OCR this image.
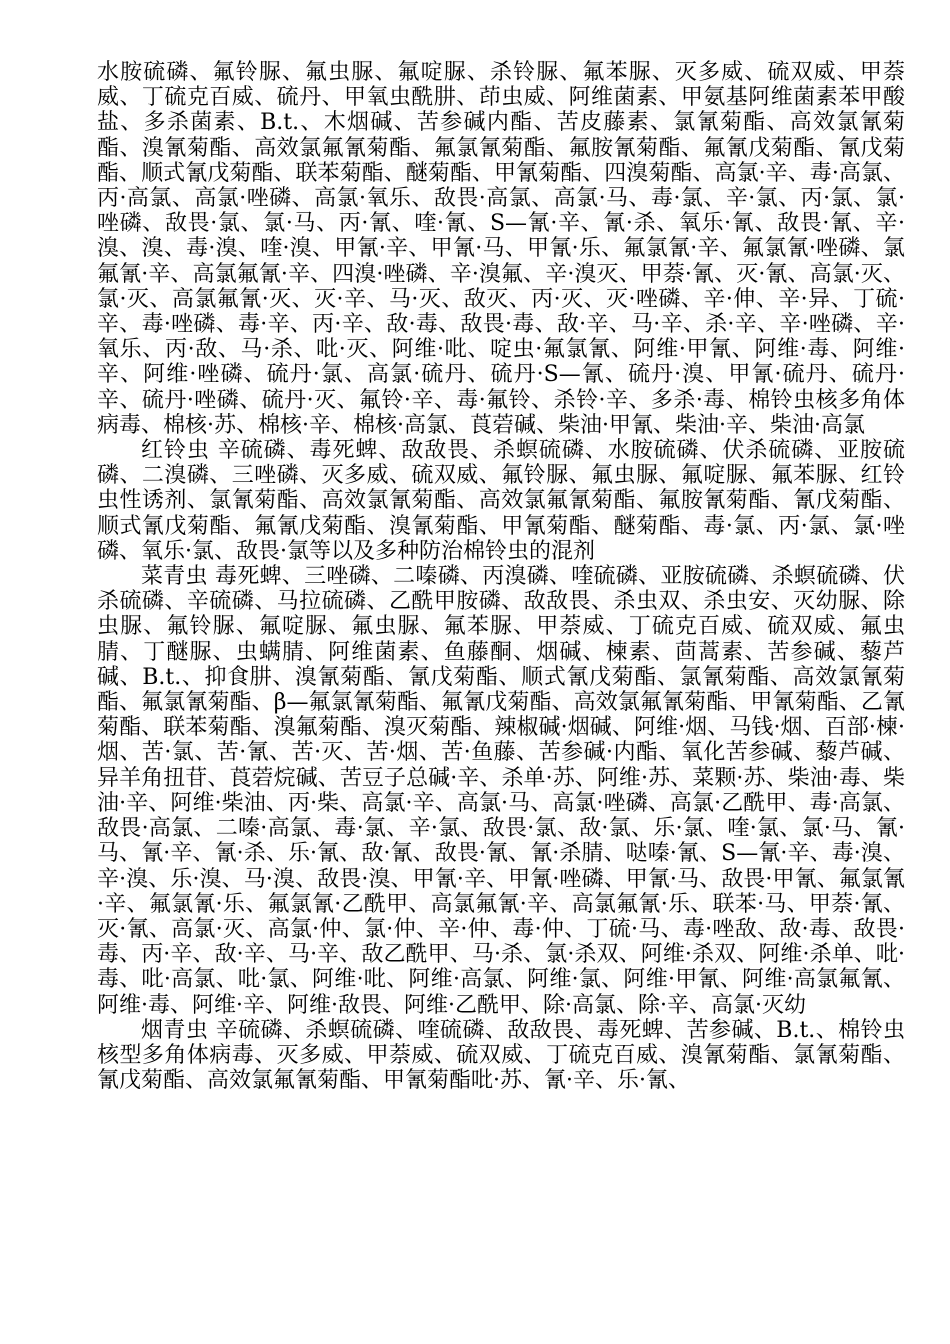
水胺硫磷、氟铃脲、氟虫脲、氟啶脲、杀铃脲、氟苯脲、灭多威、硫双威、甲萘威、丁硫克百威、硫丹、甲氧虫酰肼、茚虫威、阿维菌素、甲氨基阿维菌素苯甲酸盐、多杀菌素、B.t.、木烟碱、苦参碱内酯、苦皮藤素、氯氰菊酯、高效氯氰菊酯、溴氰菊酯、高效氯氟氰菊酯、氟氯氰菊酯、氟胺氰菊酯、氟氰戊菊酯、氰戊菊酯、顺式氰戊菊酯、联苯菊酯、醚菊酯、甲氰菊酯、四溴菊酯、高氯·辛、毒·高氯、丙·高氯、高氯·唑磷、高氯·氧乐、敌畏·高氯、高氯·马、毒·氯、辛·氯、丙·氯、氯·唑磷、敌畏·氯、氯·马、丙·氰、喹·氰、S—氰·辛、氰·杀、氧乐·氰、敌畏·氰、辛·溴、溴、毒·溴、喹·溴、甲氰·辛、甲氰·马、甲氰·乐、氟氯氰·辛、氟氯氰·唑磷、氯氟氰·辛、高氯氟氰·辛、四溴·唑磷、辛·溴氟、辛·溴灭、甲萘·氰、灭·氰、高氯·灭、氯·灭、高氯氟氰·灭、灭·辛、马·灭、敌灭、丙·灭、灭·唑磷、辛·伸、辛·异、丁硫·辛、毒·唑磷、毒·辛、丙·辛、敌·毒、敌畏·毒、敌·辛、马·辛、杀·辛、辛·唑磷、辛·氧乐、丙·敌、马·杀、吡·灭、阿维·吡、啶虫·氟氯氰、阿维·甲氰、阿维·毒、阿维·辛、阿维·唑磷、硫丹·氯、高氯·硫丹、硫丹·S—氰、硫丹·溴、甲氰·硫丹、硫丹·辛、硫丹·唑磷、硫丹·灭、氟铃·辛、毒·氟铃、杀铃·辛、多杀·毒、棉铃虫核多角体病毒、棉核·苏、棉核·辛、棉核·高氯、莨菪碱、柴油·甲氰、柴油·辛、柴油·高氯

红铃虫 辛硫磷、毒死蜱、敌敌畏、杀螟硫磷、水胺硫磷、伏杀硫磷、亚胺硫磷、二溴磷、三唑磷、灭多威、硫双威、氟铃脲、氟虫脲、氟啶脲、氟苯脲、红铃虫性诱剂、氯氰菊酯、高效氯氰菊酯、高效氯氟氰菊酯、氟胺氰菊酯、氰戊菊酯、顺式氰戊菊酯、氟氰戊菊酯、溴氰菊酯、甲氰菊酯、醚菊酯、毒·氯、丙·氯、氯·唑磷、氧乐·氯、敌畏·氯等以及多种防治棉铃虫的混剂

菜青虫 毒死蜱、三唑磷、二嗪磷、丙溴磷、喹硫磷、亚胺硫磷、杀螟硫磷、伏杀硫磷、辛硫磷、马拉硫磷、乙酰甲胺磷、敌敌畏、杀虫双、杀虫安、灭幼脲、除虫脲、氟铃脲、氟啶脲、氟虫脲、氟苯脲、甲萘威、丁硫克百威、硫双威、氟虫腈、丁醚脲、虫螨腈、阿维菌素、鱼藤酮、烟碱、楝素、茴蒿素、苦参碱、藜芦碱、B.t.、抑食肼、溴氰菊酯、氰戊菊酯、顺式氰戊菊酯、氯氰菊酯、高效氯氰菊酯、氟氯氰菊酯、β—氟氯氰菊酯、氟氰戊菊酯、高效氯氟氰菊酯、甲氰菊酯、乙氰菊酯、联苯菊酯、溴氟菊酯、溴灭菊酯、辣椒碱·烟碱、阿维·烟、马钱·烟、百部·楝·烟、苦·氯、苦·氰、苦·灭、苦·烟、苦·鱼藤、苦参碱·内酯、氧化苦参碱、藜芦碱、异羊角扭苷、莨菪烷碱、苦豆子总碱·辛、杀单·苏、阿维·苏、菜颗·苏、柴油·毒、柴油·辛、阿维·柴油、丙·柴、高氯·辛、高氯·马、高氯·唑磷、高氯·乙酰甲、毒·高氯、敌畏·高氯、二嗪·高氯、毒·氯、辛·氯、敌畏·氯、敌·氯、乐·氯、喹·氯、氯·马、氰·马、氰·辛、氰·杀、乐·氰、敌·氰、敌畏·氰、氰·杀腈、哒嗪·氰、S—氰·辛、毒·溴、辛·溴、乐·溴、马·溴、敌畏·溴、甲氰·辛、甲氰·唑磷、甲氰·马、敌畏·甲氰、氟氯氰·辛、氟氯氰·乐、氟氯氰·乙酰甲、高氯氟氰·辛、高氯氟氰·乐、联苯·马、甲萘·氰、灭·氰、高氯·灭、高氯·仲、氯·仲、辛·仲、毒·仲、丁硫·马、毒·唑敌、敌·毒、敌畏·毒、丙·辛、敌·辛、马·辛、敌乙酰甲、马·杀、氯·杀双、阿维·杀双、阿维·杀单、吡·毒、吡·高氯、吡·氯、阿维·吡、阿维·高氯、阿维·氯、阿维·甲氰、阿维·高氯氟氰、阿维·毒、阿维·辛、阿维·敌畏、阿维·乙酰甲、除·高氯、除·辛、高氯·灭幼

烟青虫 辛硫磷、杀螟硫磷、喹硫磷、敌敌畏、毒死蜱、苦参碱、B.t.、棉铃虫核型多角体病毒、灭多威、甲萘威、硫双威、丁硫克百威、溴氰菊酯、氯氰菊酯、氰戊菊酯、高效氯氟氰菊酯、甲氰菊酯吡·苏、氰·辛、乐·氰、
